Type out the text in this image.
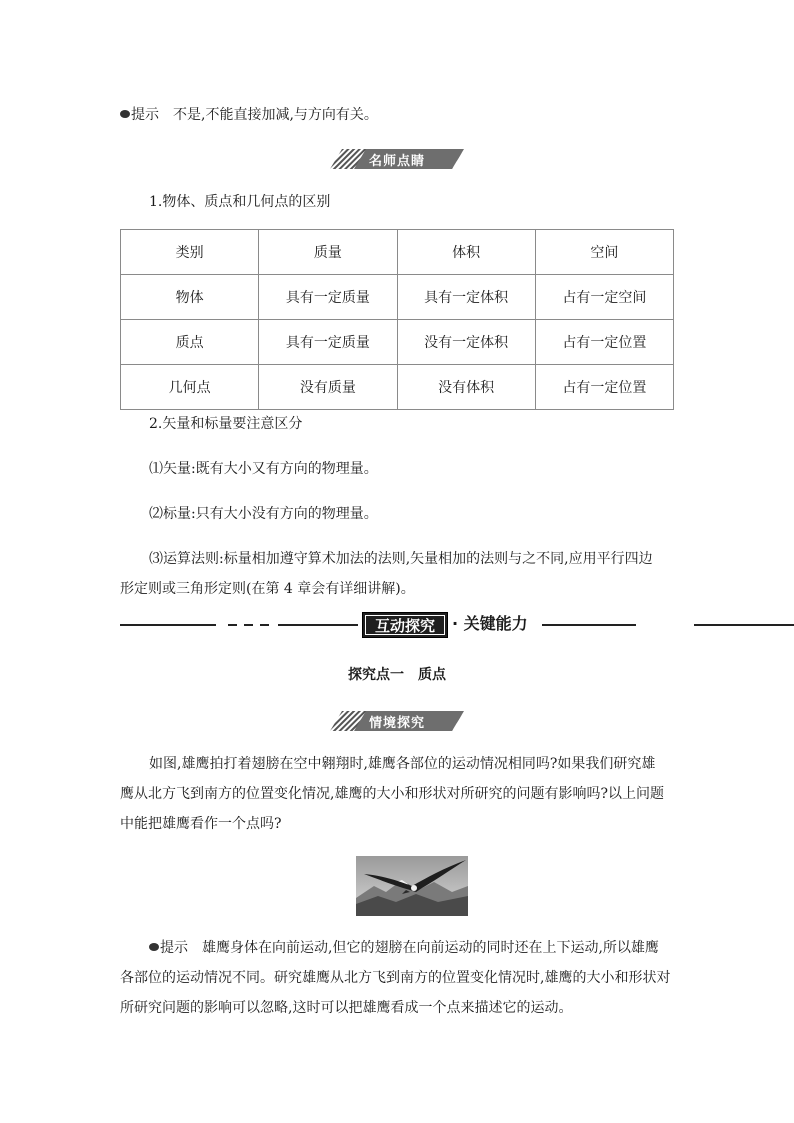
提示 不是,不能直接加减,与方向有关。
名师点睛
1.物体、质点和几何点的区别
类别	质量	体积	空间
物体	具有一定质量	具有一定体积	占有一定空间
质点	具有一定质量	没有一定体积	占有一定位置
几何点	没有质量	没有体积	占有一定位置
2.矢量和标量要注意区分
⑴矢量:既有大小又有方向的物理量。
⑵标量:只有大小没有方向的物理量。
⑶运算法则:标量相加遵守算术加法的法则,矢量相加的法则与之不同,应用平行四边
形定则或三角形定则(在第 4 章会有详细讲解)。
互动探究	· 关键能力
探究点一　质点
情境探究
如图,雄鹰拍打着翅膀在空中翱翔时,雄鹰各部位的运动情况相同吗?如果我们研究雄
鹰从北方飞到南方的位置变化情况,雄鹰的大小和形状对所研究的问题有影响吗?以上问题
中能把雄鹰看作一个点吗?
提示 雄鹰身体在向前运动,但它的翅膀在向前运动的同时还在上下运动,所以雄鹰
各部位的运动情况不同。研究雄鹰从北方飞到南方的位置变化情况时,雄鹰的大小和形状对
所研究问题的影响可以忽略,这时可以把雄鹰看成一个点来描述它的运动。
